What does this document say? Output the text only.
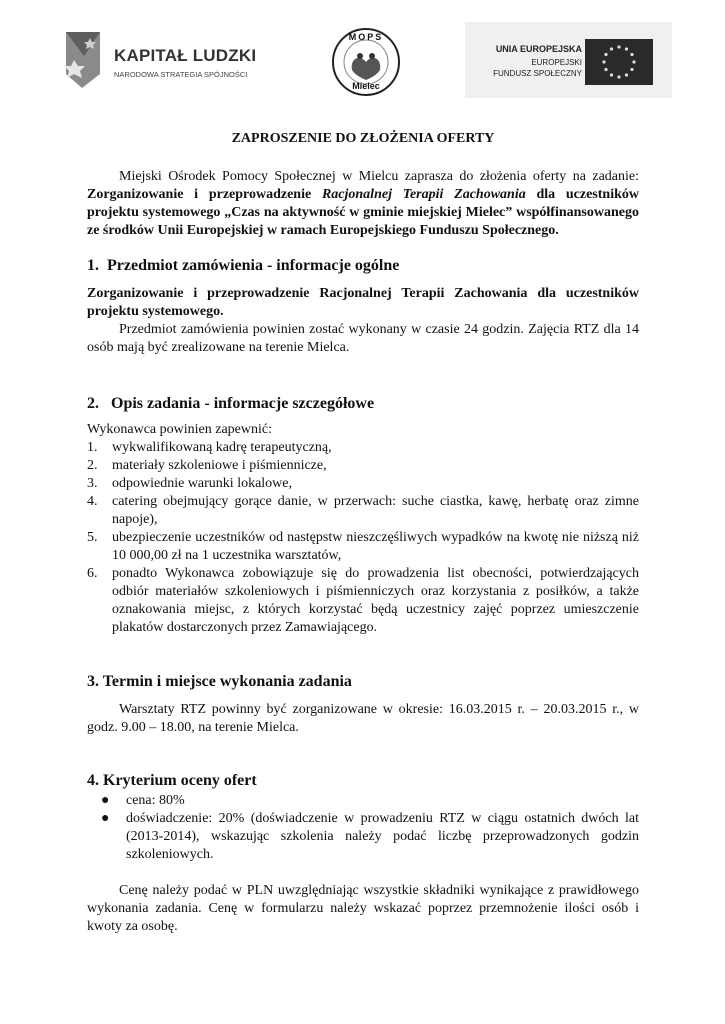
KAPITAŁ LUDZKI
NARODOWA STRATEGIA SPÓJNOŚCI
MOPS
Mielec
UNIA EUROPEJSKA
EUROPEJSKI
FUNDUSZ SPOŁECZNY
ZAPROSZENIE DO ZŁOŻENIA OFERTY

Miejski Ośrodek Pomocy Społecznej w Mielcu zaprasza do złożenia oferty na zadanie: Zorganizowanie i przeprowadzenie Racjonalnej Terapii Zachowania dla uczestników projektu systemowego „Czas na aktywność w gminie miejskiej Mielec” współfinansowanego ze środków Unii Europejskiej w ramach Europejskiego Funduszu Społecznego.

1.  Przedmiot zamówienia - informacje ogólne

Zorganizowanie i przeprowadzenie Racjonalnej Terapii Zachowania dla uczestników projektu systemowego.

Przedmiot zamówienia powinien zostać wykonany w czasie 24 godzin. Zajęcia RTZ dla 14 osób mają być zrealizowane na terenie Mielca.

2.   Opis zadania - informacje szczegółowe

Wykonawca powinien zapewnić:

1. wykwalifikowaną kadrę terapeutyczną,
2. materiały szkoleniowe i piśmiennicze,
3. odpowiednie warunki lokalowe,
4. catering obejmujący gorące danie, w przerwach: suche ciastka, kawę, herbatę oraz zimne napoje),
5. ubezpieczenie uczestników od następstw nieszczęśliwych wypadków na kwotę nie niższą niż 10 000,00 zł na 1 uczestnika warsztatów,
6. ponadto Wykonawca zobowiązuje się do prowadzenia list obecności, potwierdzających odbiór materiałów szkoleniowych i piśmienniczych oraz korzystania z posiłków, a także oznakowania miejsc, z których korzystać będą uczestnicy zajęć poprzez umieszczenie plakatów dostarczonych przez Zamawiającego.
3. Termin i miejsce wykonania zadania

Warsztaty RTZ powinny być zorganizowane w okresie: 16.03.2015 r. – 20.03.2015 r., w godz. 9.00 – 18.00, na terenie Mielca.

4. Kryterium oceny ofert
● cena: 80%
● doświadczenie: 20% (doświadczenie w prowadzeniu RTZ w ciągu ostatnich dwóch lat (2013-2014), wskazując szkolenia należy podać liczbę przeprowadzonych godzin szkoleniowych.

Cenę należy podać w PLN uwzględniając wszystkie składniki wynikające z prawidłowego wykonania zadania. Cenę w formularzu należy wskazać poprzez przemnożenie ilości osób i kwoty za osobę.
